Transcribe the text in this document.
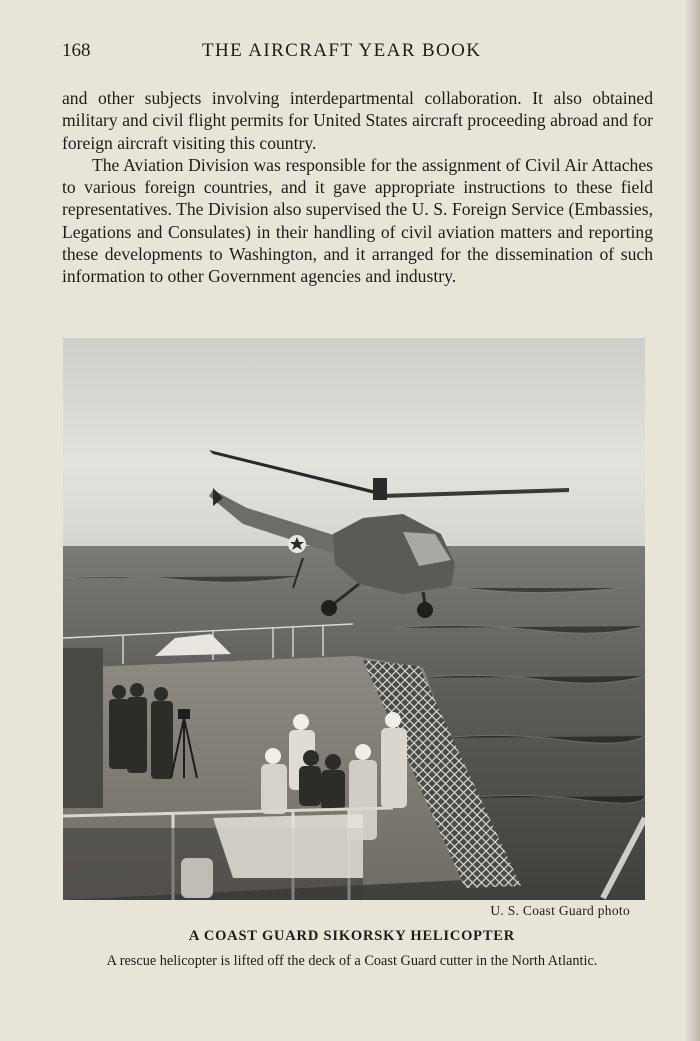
168	THE AIRCRAFT YEAR BOOK

and other subjects involving interdepartmental collaboration. It also obtained military and civil flight permits for United States aircraft proceeding abroad and for foreign aircraft visiting this country.

The Aviation Division was responsible for the assignment of Civil Air Attaches to various foreign countries, and it gave appropriate instructions to these field representatives. The Division also supervised the U. S. Foreign Service (Embassies, Legations and Consulates) in their handling of civil aviation matters and reporting these developments to Washington, and it arranged for the dissemination of such information to other Government agencies and industry.

U. S. Coast Guard photo
A COAST GUARD SIKORSKY HELICOPTER
A rescue helicopter is lifted off the deck of a Coast Guard cutter in the North Atlantic.
